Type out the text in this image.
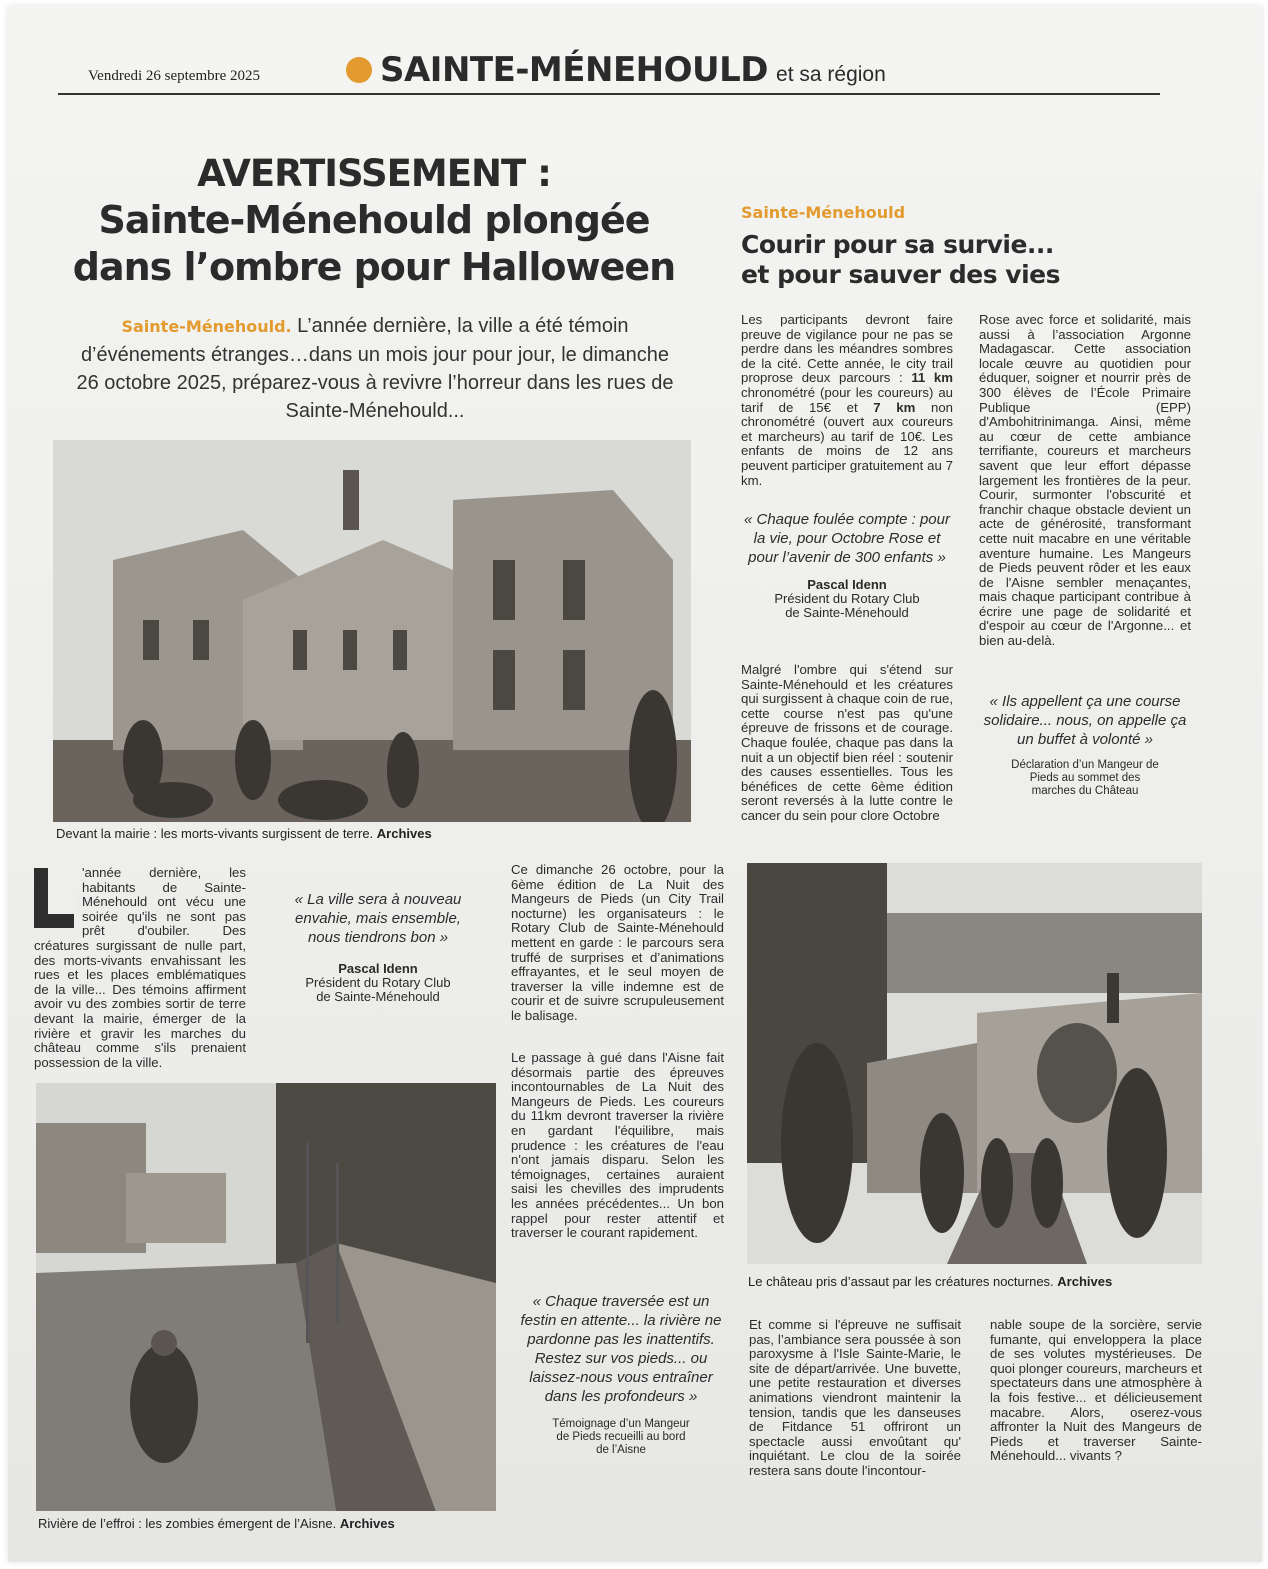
Vendredi 26 septembre 2025	SAINTE-MÉNEHOULD et sa région
AVERTISSEMENT :
Sainte-Ménehould plongée
dans l’ombre pour Halloween
Sainte-Ménehould. L’année dernière, la ville a été témoin d’événements étranges…dans un mois jour pour jour, le dimanche 26 octobre 2025, préparez-vous à revivre l’horreur dans les rues de Sainte-Ménehould...
Devant la mairie : les morts-vivants surgissent de terre. Archives
Sainte-Ménehould
Courir pour sa survie...
et pour sauver des vies
Les participants devront faire preuve de vigilance pour ne pas se perdre dans les méandres sombres de la cité. Cette année, le city trail proprose deux parcours : 11 km chronométré (pour les coureurs) au tarif de 15€ et 7 km non chronométré (ouvert aux coureurs et marcheurs) au tarif de 10€. Les enfants de moins de 12 ans peuvent participer gratuitement au 7 km.
« Chaque foulée compte : pour la vie, pour Octobre Rose et pour l’avenir de 300 enfants »
Pascal Idenn
Président du Rotary Club
de Sainte-Ménehould
Malgré l'ombre qui s'étend sur Sainte-Ménehould et les créatures qui surgissent à chaque coin de rue, cette course n'est pas qu'une épreuve de frissons et de courage. Chaque foulée, chaque pas dans la nuit a un objectif bien réel : soutenir des causes essentielles. Tous les bénéfices de cette 6ème édition seront reversés à la lutte contre le cancer du sein pour clore Octobre
Rose avec force et solidarité, mais aussi à l’association Argonne Madagascar. Cette association locale œuvre au quotidien pour éduquer, soigner et nourrir près de 300 élèves de l’École Primaire Publique (EPP) d'Ambohitrinimanga. Ainsi, même au cœur de cette ambiance terrifiante, coureurs et marcheurs savent que leur effort dépasse largement les frontières de la peur. Courir, surmonter l'obscurité et franchir chaque obstacle devient un acte de générosité, transformant cette nuit macabre en une véritable aventure humaine. Les Mangeurs de Pieds peuvent rôder et les eaux de l'Aisne sembler menaçantes, mais chaque participant contribue à écrire une page de solidarité et d'espoir au cœur de l'Argonne... et bien au-delà.
« Ils appellent ça une course solidaire... nous, on appelle ça un buffet à volonté »
Déclaration d’un Mangeur de
Pieds au sommet des
marches du Château
'année dernière, les habitants de Sainte-Ménehould ont vécu une soirée qu'ils ne sont pas prêt d'oubiler. Des créatures surgissant de nulle part, des morts-vivants envahissant les rues et les places emblématiques de la ville... Des témoins affirment avoir vu des zombies sortir de terre devant la mairie, émerger de la rivière et gravir les marches du château comme s'ils prenaient possession de la ville.
« La ville sera à nouveau envahie, mais ensemble, nous tiendrons bon »
Pascal Idenn
Président du Rotary Club
de Sainte-Ménehould
Ce dimanche 26 octobre, pour la 6ème édition de La Nuit des Mangeurs de Pieds (un City Trail nocturne) les organisateurs : le Rotary Club de Sainte-Ménehould mettent en garde : le parcours sera truffé de surprises et d’animations effrayantes, et le seul moyen de traverser la ville indemne est de courir et de suivre scrupuleusement le balisage.
Le passage à gué dans l'Aisne fait désormais partie des épreuves incontournables de La Nuit des Mangeurs de Pieds. Les coureurs du 11km devront traverser la rivière en gardant l'équilibre, mais prudence : les créatures de l'eau n'ont jamais disparu. Selon les témoignages, certaines auraient saisi les chevilles des imprudents les années précédentes... Un bon rappel pour rester attentif et traverser le courant rapidement.
Rivière de l’effroi : les zombies émergent de l’Aisne. Archives
« Chaque traversée est un festin en attente... la rivière ne pardonne pas les inattentifs. Restez sur vos pieds... ou laissez-nous vous entraîner dans les profondeurs »
Témoignage d’un Mangeur
de Pieds recueilli au bord
de l’Aisne
Le château pris d’assaut par les créatures nocturnes. Archives
Et comme si l'épreuve ne suffisait pas, l’ambiance sera poussée à son paroxysme à l'Isle Sainte-Marie, le site de départ/arrivée. Une buvette, une petite restauration et diverses animations viendront maintenir la tension, tandis que les danseuses de Fitdance 51 offriront un spectacle aussi envoûtant qu' inquiétant. Le clou de la soirée restera sans doute l'incontour-
nable soupe de la sorcière, servie fumante, qui enveloppera la place de ses volutes mystérieuses. De quoi plonger coureurs, marcheurs et spectateurs dans une atmosphère à la fois festive... et délicieusement macabre. Alors, oserez-vous affronter la Nuit des Mangeurs de Pieds et traverser Sainte-Ménehould... vivants ?
